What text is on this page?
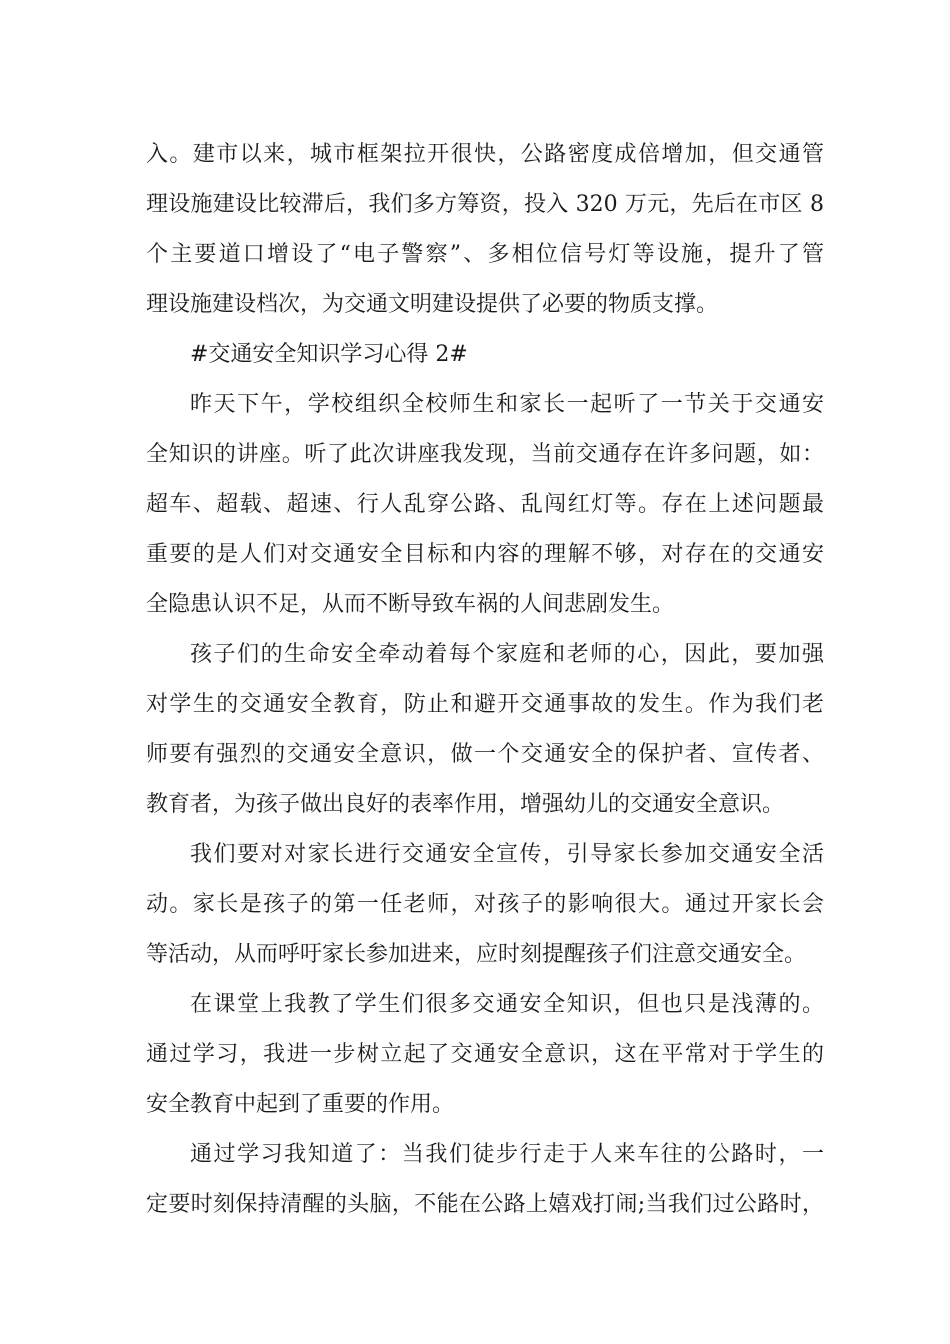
入。建市以来，城市框架拉开很快，公路密度成倍增加，但交通管
理设施建设比较滞后，我们多方筹资，投入 320 万元，先后在市区 8
个主要道口增设了“电子警察”、多相位信号灯等设施，提升了管
理设施建设档次，为交通文明建设提供了必要的物质支撑。
#交通安全知识学习心得 2#
昨天下午，学校组织全校师生和家长一起听了一节关于交通安
全知识的讲座。听了此次讲座我发现，当前交通存在许多问题，如：
超车、超载、超速、行人乱穿公路、乱闯红灯等。存在上述问题最
重要的是人们对交通安全目标和内容的理解不够，对存在的交通安
全隐患认识不足，从而不断导致车祸的人间悲剧发生。
孩子们的生命安全牵动着每个家庭和老师的心，因此，要加强
对学生的交通安全教育，防止和避开交通事故的发生。作为我们老
师要有强烈的交通安全意识，做一个交通安全的保护者、宣传者、
教育者，为孩子做出良好的表率作用，增强幼儿的交通安全意识。
我们要对对家长进行交通安全宣传，引导家长参加交通安全活
动。家长是孩子的第一任老师，对孩子的影响很大。通过开家长会
等活动，从而呼吁家长参加进来，应时刻提醒孩子们注意交通安全。
在课堂上我教了学生们很多交通安全知识，但也只是浅薄的。
通过学习，我进一步树立起了交通安全意识，这在平常对于学生的
安全教育中起到了重要的作用。
通过学习我知道了：当我们徒步行走于人来车往的公路时，一
定要时刻保持清醒的头脑，不能在公路上嬉戏打闹;当我们过公路时，
